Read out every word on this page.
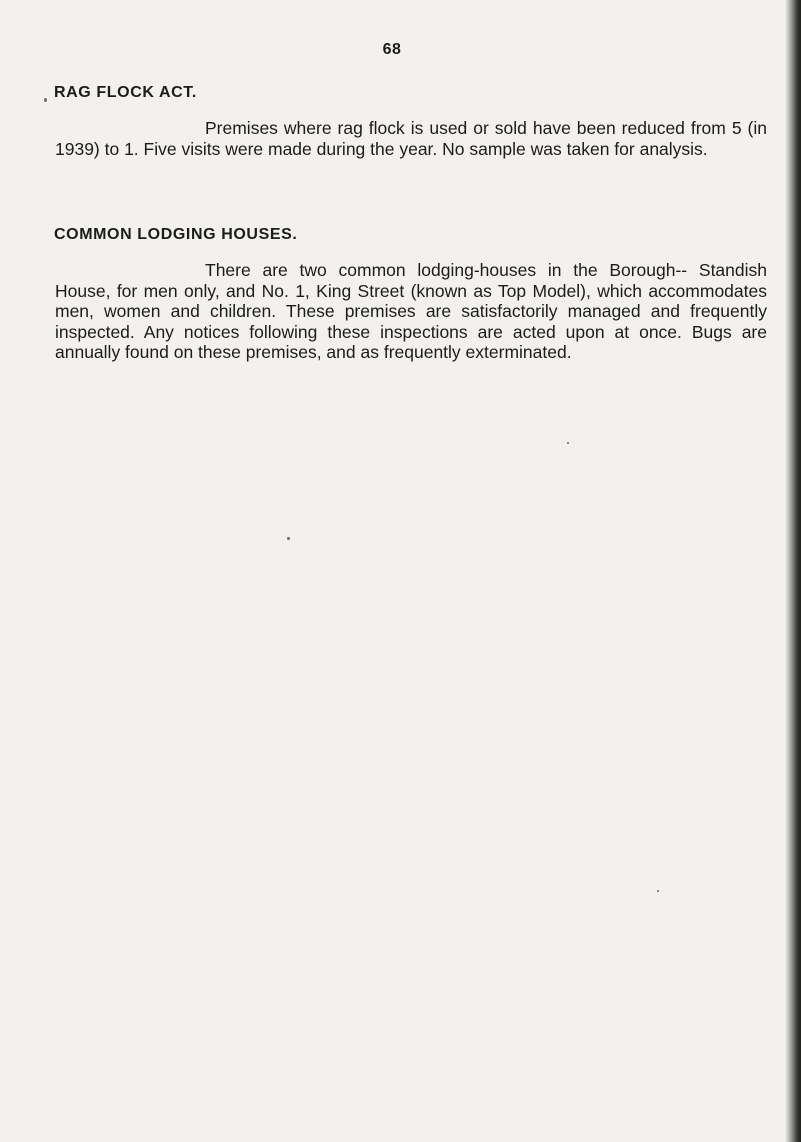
68
RAG FLOCK ACT.

Premises where rag flock is used or sold have been reduced from 5 (in 1939) to 1. Five visits were made during the year. No sample was taken for analysis.

COMMON LODGING HOUSES.

There are two common lodging-houses in the Borough-- Standish House, for men only, and No. 1, King Street (known as Top Model), which accommodates men, women and children. These premises are satisfactorily managed and frequently inspected. Any notices following these inspections are acted upon at once. Bugs are annually found on these premises, and as frequently exterminated.
